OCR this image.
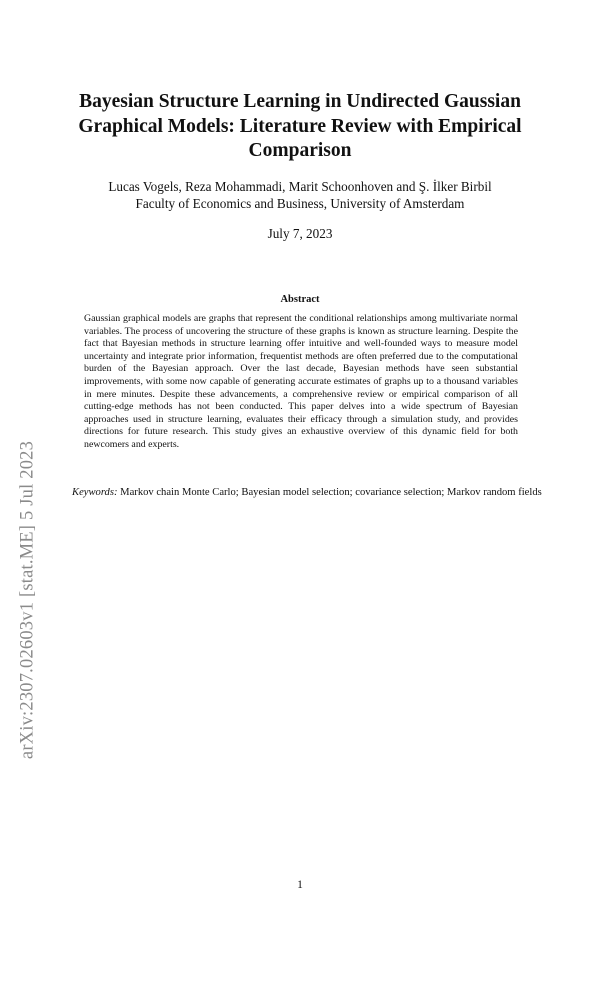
Bayesian Structure Learning in Undirected Gaussian Graphical Models: Literature Review with Empirical Comparison
Lucas Vogels, Reza Mohammadi, Marit Schoonhoven and Ş. İlker Birbil
Faculty of Economics and Business, University of Amsterdam
July 7, 2023
Abstract

Gaussian graphical models are graphs that represent the conditional relationships among multivariate normal variables. The process of uncovering the structure of these graphs is known as structure learning. Despite the fact that Bayesian methods in structure learning offer intuitive and well-founded ways to measure model uncertainty and integrate prior information, frequentist methods are often preferred due to the computational burden of the Bayesian approach. Over the last decade, Bayesian methods have seen substantial improvements, with some now capable of generating accurate estimates of graphs up to a thousand variables in mere minutes. Despite these advancements, a comprehensive review or empirical comparison of all cutting-edge methods has not been conducted. This paper delves into a wide spectrum of Bayesian approaches used in structure learning, evaluates their efficacy through a simulation study, and provides directions for future research. This study gives an exhaustive overview of this dynamic field for both newcomers and experts.

Keywords: Markov chain Monte Carlo; Bayesian model selection; covariance selection; Markov random fields

arXiv:2307.02603v1 [stat.ME] 5 Jul 2023
1
